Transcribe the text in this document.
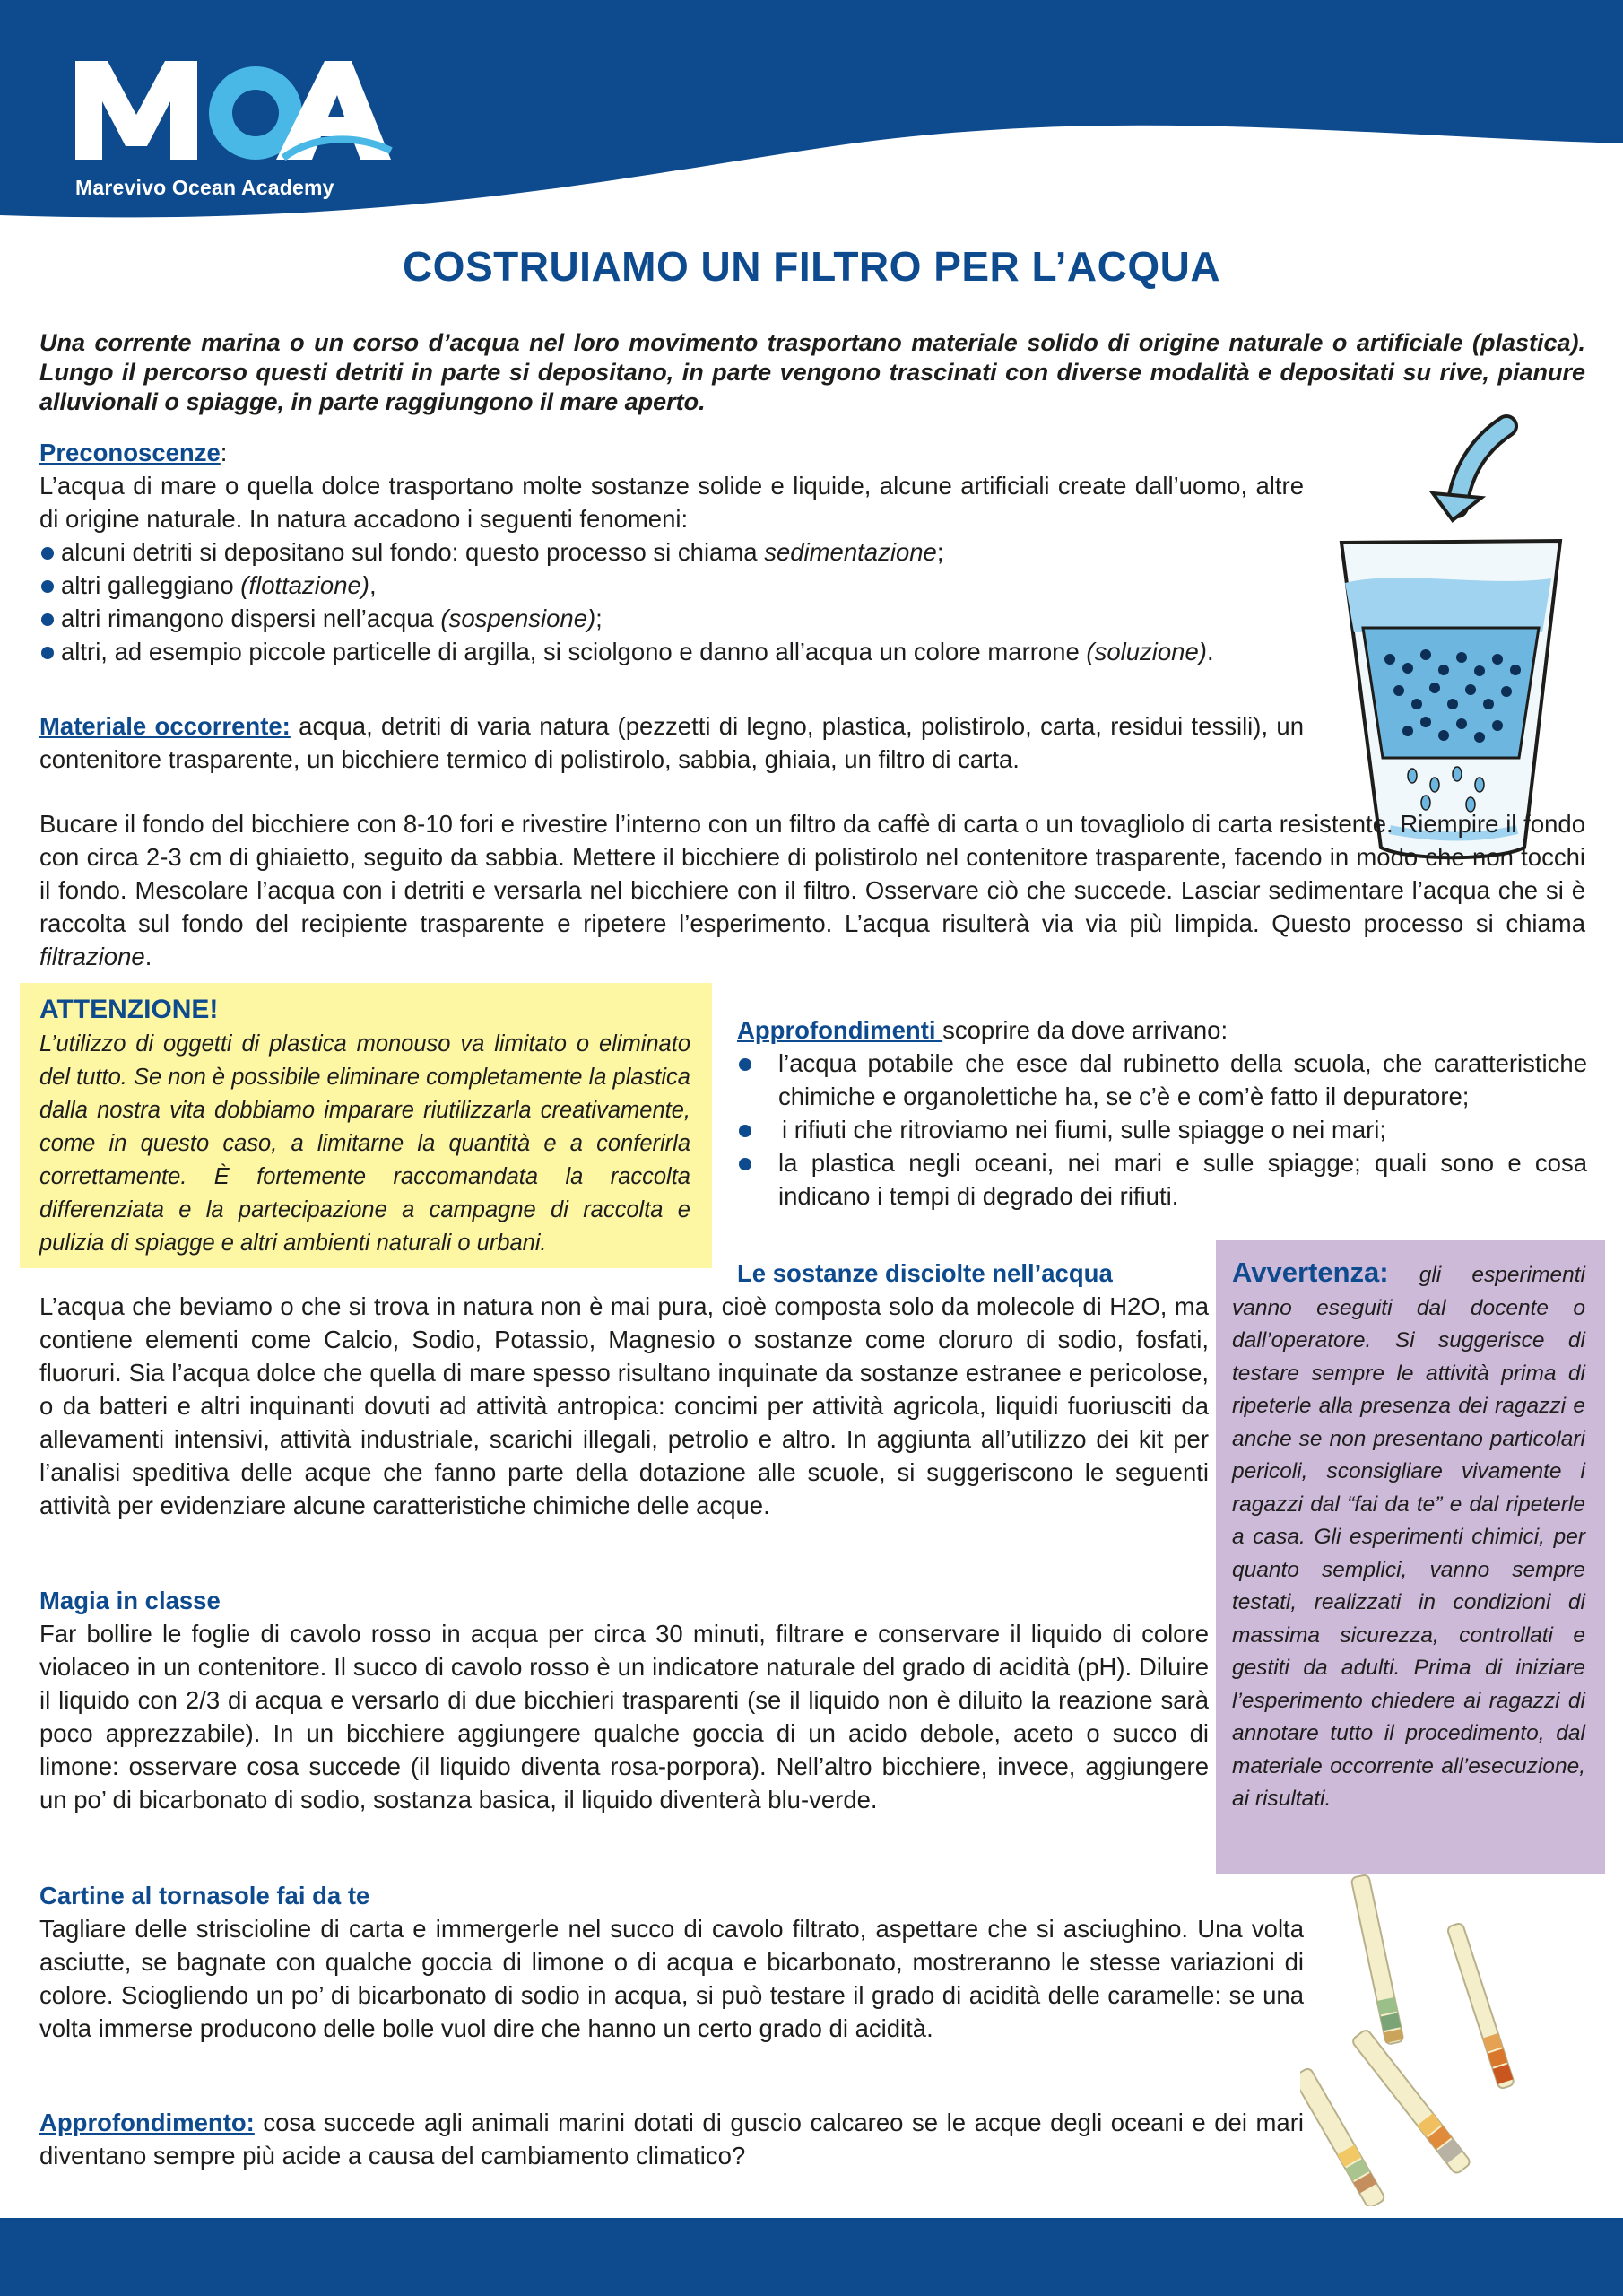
Marevivo Ocean Academy
COSTRUIAMO UN FILTRO PER L’ACQUA
Una corrente marina o un corso d’acqua nel loro movimento trasportano materiale solido di origine naturale o artificiale (plastica). Lungo il percorso questi detriti in parte si depositano, in parte vengono trascinati con diverse modalità e depositati su rive, pianure alluvionali o spiagge, in parte raggiungono il mare aperto.
Preconoscenze:
L’acqua di mare o quella dolce trasportano molte sostanze solide e liquide, alcune artificiali create dall’uomo, altre di origine naturale. In natura accadono i seguenti fenomeni:
alcuni detriti si depositano sul fondo: questo processo si chiama sedimentazione;
altri galleggiano (flottazione),
altri rimangono dispersi nell’acqua (sospensione);
altri, ad esempio piccole particelle di argilla, si sciolgono e danno all’acqua un colore marrone (soluzione).
Materiale occorrente: acqua, detriti di varia natura (pezzetti di legno, plastica, polistirolo, carta, residui tessili), un contenitore trasparente, un bicchiere termico di polistirolo, sabbia, ghiaia, un filtro di carta.
Bucare il fondo del bicchiere con 8-10 fori e rivestire l’interno con un filtro da caffè di carta o un tovagliolo di carta resistente. Riempire il fondo con circa 2-3 cm di ghiaietto, seguito da sabbia. Mettere il bicchiere di polistirolo nel contenitore trasparente, facendo in modo che non tocchi il fondo. Mescolare l’acqua con i detriti e versarla nel bicchiere con il filtro. Osservare ciò che succede. Lasciar sedimentare l’acqua che si è raccolta sul fondo del recipiente trasparente e ripetere l’esperimento. L’acqua risulterà via via più limpida. Questo processo si chiama filtrazione.
ATTENZIONE!
L’utilizzo di oggetti di plastica monouso va limitato o eliminato del tutto. Se non è possibile eliminare completamente la plastica dalla nostra vita dobbiamo imparare riutilizzarla creativamente, come in questo caso, a limitarne la quantità e a conferirla correttamente. È fortemente raccomandata la raccolta differenziata e la partecipazione a campagne di raccolta e pulizia di spiagge e altri ambienti naturali o urbani.
Approfondimenti scoprire da dove arrivano:
l’acqua potabile che esce dal rubinetto della scuola, che caratteristiche chimiche e organolettiche ha, se c’è e com’è fatto il depuratore;
i rifiuti che ritroviamo nei fiumi, sulle spiagge o nei mari;
la plastica negli oceani, nei mari e sulle spiagge; quali sono e cosa indicano i tempi di degrado dei rifiuti.
Le sostanze disciolte nell’acqua	Avvertenza: gli esperimenti vanno eseguiti dal docente o dall’operatore. Si suggerisce di testare sempre le attività prima di ripeterle alla presenza dei ragazzi e anche se non presentano particolari pericoli, sconsigliare vivamente i ragazzi dal “fai da te” e dal ripeterle a casa. Gli esperimenti chimici, per quanto semplici, vanno sempre testati, realizzati in condizioni di massima sicurezza, controllati e gestiti da adulti. Prima di iniziare l’esperimento chiedere ai ragazzi di annotare tutto il procedimento, dal materiale occorrente all’esecuzione, ai risultati.
L’acqua che beviamo o che si trova in natura non è mai pura, cioè composta solo da molecole di H2O, ma contiene elementi come Calcio, Sodio, Potassio, Magnesio o sostanze come cloruro di sodio, fosfati, fluoruri. Sia l’acqua dolce che quella di mare spesso risultano inquinate da sostanze estranee e pericolose, o da batteri e altri inquinanti dovuti ad attività antropica: concimi per attività agricola, liquidi fuoriusciti da allevamenti intensivi, attività industriale, scarichi illegali, petrolio e altro. In aggiunta all’utilizzo dei kit per l’analisi speditiva delle acque che fanno parte della dotazione alle scuole, si suggeriscono le seguenti attività per evidenziare alcune caratteristiche chimiche delle acque.
Magia in classe
Far bollire le foglie di cavolo rosso in acqua per circa 30 minuti, filtrare e conservare il liquido di colore violaceo in un contenitore. Il succo di cavolo rosso è un indicatore naturale del grado di acidità (pH). Diluire il liquido con 2/3 di acqua e versarlo di due bicchieri trasparenti (se il liquido non è diluito la reazione sarà poco apprezzabile). In un bicchiere aggiungere qualche goccia di un acido debole, aceto o succo di limone: osservare cosa succede (il liquido diventa rosa-porpora). Nell’altro bicchiere, invece, aggiungere un po’ di bicarbonato di sodio, sostanza basica, il liquido diventerà blu-verde.
Cartine al tornasole fai da te
Tagliare delle striscioline di carta e immergerle nel succo di cavolo filtrato, aspettare che si asciughino. Una volta asciutte, se bagnate con qualche goccia di limone o di acqua e bicarbonato, mostreranno le stesse variazioni di colore. Sciogliendo un po’ di bicarbonato di sodio in acqua, si può testare il grado di acidità delle caramelle: se una volta immerse producono delle bolle vuol dire che hanno un certo grado di acidità.
Approfondimento: cosa succede agli animali marini dotati di guscio calcareo se le acque degli oceani e dei mari diventano sempre più acide a causa del cambiamento climatico?
